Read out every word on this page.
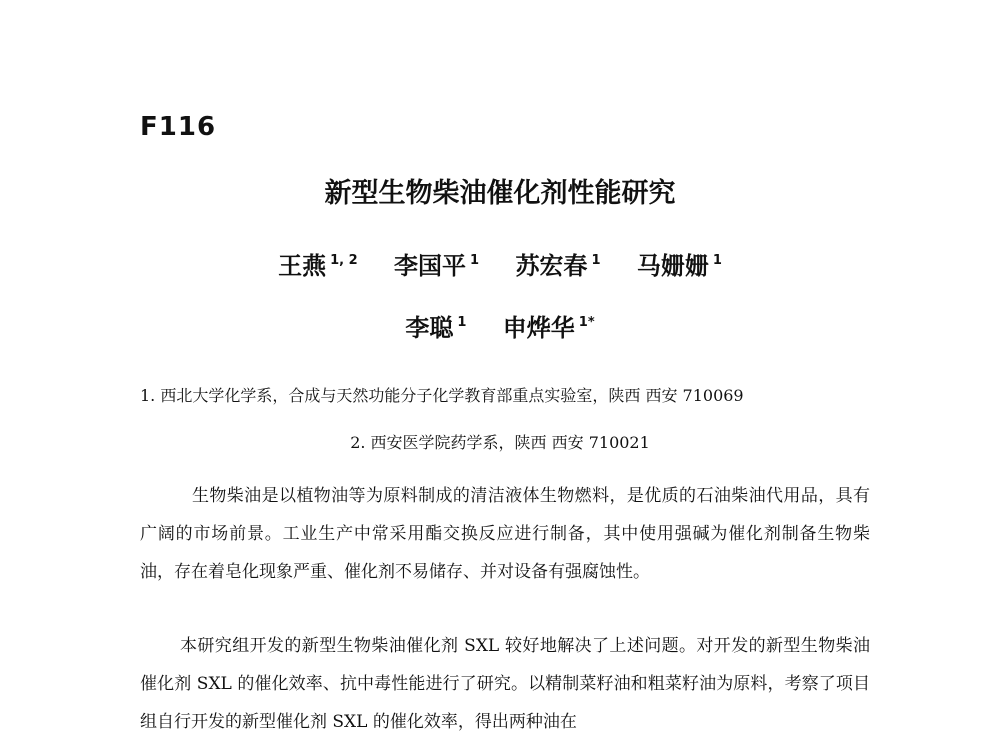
F116
新型生物柴油催化剂性能研究
王燕 $^{1, 2}$ 李国平 $^1$ 苏宏春 $^1$ 马姗姗 $^1$
李聪 $^1$ 申烨华 $^{1*}$
1. 西北大学化学系，合成与天然功能分子化学教育部重点实验室，陕西 西安 710069
2. 西安医学院药学系，陕西 西安 710021
生物柴油是以植物油等为原料制成的清洁液体生物燃料，是优质的石油柴油代用品，具有广阔的市场前景。工业生产中常采用酯交换反应进行制备，其中使用强碱为催化剂制备生物柴油，存在着皂化现象严重、催化剂不易储存、并对设备有强腐蚀性。
本研究组开发的新型生物柴油催化剂 SXL 较好地解决了上述问题。对开发的新型生物柴油催化剂 SXL 的催化效率、抗中毒性能进行了研究。以精制菜籽油和粗菜籽油为原料，考察了项目组自行开发的新型催化剂 SXL 的催化效率，得出两种油在
